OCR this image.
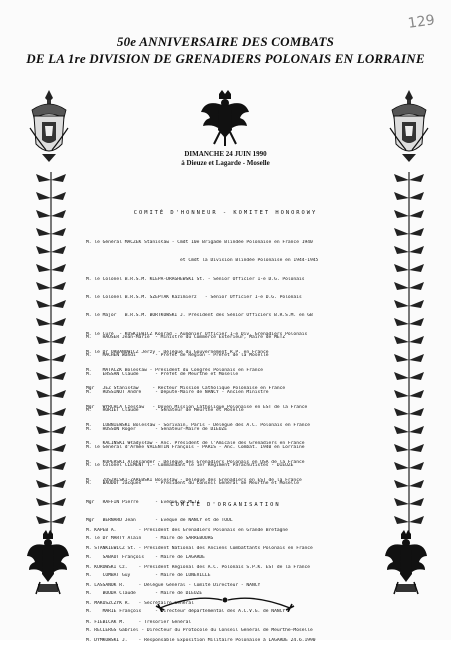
129
50e ANNIVERSAIRE DES COMBATS
DE LA 1re DIVISION DE GRENADIERS POLONAIS EN LORRAINE
DIMANCHE 24 JUIN 1990
à Dieuze et Lagarde - Moselle
COMITÉ D'HONNEUR - KOMITET HONOROWY

M. le Général MACZEK Stanisław - Cmdt 10e Brigade Blindée Polonaise en France 1940

et Cmdt la Division Blindée Polonaise en 1944-1945

M. le Colonel B.R.S.M. KLEPA-DRAGHEWSKI St. - Sénior Officier 1-e D.G. Polonais

M. le Colonel B.R.S.M. SZEPTAK Kazimierz   - Sénior Officier 1-e D.G. Polonais

M. le Major   B.R.S.M. BORTKOWSKI J. Président des Sénior Officiers B.R.S.M. en GB

M. le Curé  - KUŚKIEWICZ Konrad - Aumônier Officier 1-e Div. Grenadiers Polonais

M. le Dr URBANOWICZ Jerzy - Délégué du Gouvernement R.P. en France

M.    MATACZK Bolesław - Président du Congrès Polonais en France

Mgr   JEZ Stanisław     - Recteur Mission Catholique Polonaise en France

Mgr   WYRCHLA Czesław   - Doyen Mission Catholique Polonaise en EST de la France

M.    LUBNIEWSKI Bolesław - Sorivain, Paris - Délégué des A.C. Polonais en France

M.    KALINSKI Władysław - Anc. Président de l'Amicale des Grenadiers en France

M.    KOPERSKI Aleksander - Délégué des Grenadiers Polonais en USA de la France

M.    ZOSZRLSKI-ZARĘBSKI Bolesław - Délégué des Grenadiers en EST de la France

M.    HAUSER Jean-Marie  - Ministre du Commerce Extérieur, Maire de METZ

M.    MACHEN Wahdi       - Préfet de Région - Préfet de la Moselle

M.    ERSSAN Claude      - Préfet de Meurthe et Moselle

M.    ROSSINOT André     - Député-Maire de NANCY - Ancien Ministre

M.    HURIET Claude      - Sénateur de Meurthe et Moselle

M.    HUSSON Roger       - Sénateur-Maire de DIEUZE

M. le Général d'Armée VALENTIN François - PARIS - Anc. Combat. 1940 en Lorraine

M. le Colonel CLÉMENT T.- Commandant le 1er Régiment Parachutistes - DIEUZE

M.    BAUDOT Jacques     - Président du Conseil Général de Meurthe et Moselle

Mgr   RAFFIN Pierre      - Evêque de METZ

Mgr   BERNARD Jean       - Evêque de NANCY et de TOUL

M. le Dr MARTY Alain     - Maire de SARREBOURG

M.    SABAUT François    - Maire de LAGARDE

M.    COMBAT Guy         - Maire de LUNÉVILLE

M.    BOUDA Claude       - Maire de DIEUZE

M.    MARIE François     - Directeur départemental des A.C.V.G. de NANCY

M. RECLERGS Gabriel - Directeur du Protocole du Conseil Général de Meurthe-Moselle

COMITÉ D'ORGANISATION

M. KAPEB A.        - Président des Grenadiers Polonais en Grande Bretagne

M. STANKIEWICZ St. - Président National des Anciens Combattants Polonais en France

M. KUROWSKI Cz.    - Président Régional des A.C. Polonais S.P.K. EST de la France

M. LASSANOK R.     - Délégué Général - Comité Directeur - NANCY

M. MAKOSZCZYK R.   - Secrétaire Général

M. FIEBICAK M.     - Trésorier Général

M. DYMKOWSKI J.    - Responsable Exposition Militaire Polonaise à LAGARDE 24.6.1990
